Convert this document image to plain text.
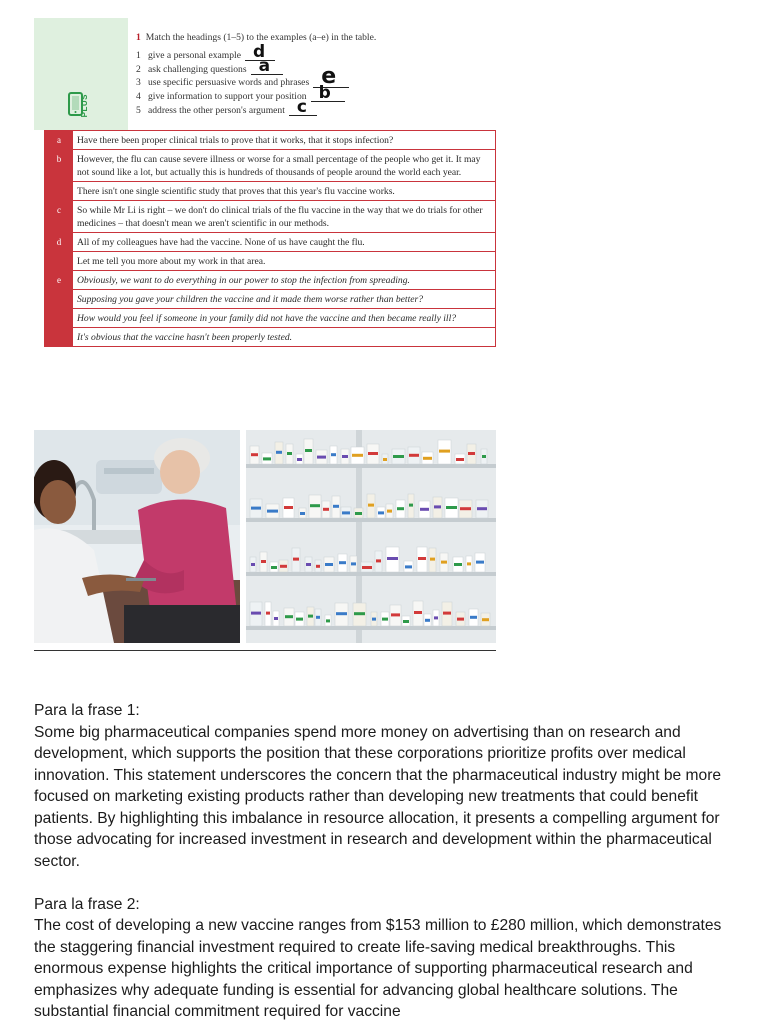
PLUS
1 Match the headings (1–5) to the examples (a–e) in the table.
1 give a personal example d
2 ask challenging questions a
3 use specific persuasive words and phrases e
4 give information to support your position b
5 address the other person's argument c
a	Have there been proper clinical trials to prove that it works, that it stops infection?
b	However, the flu can cause severe illness or worse for a small percentage of the people who get it. It may not sound like a lot, but actually this is hundreds of thousands of people around the world each year.
There isn't one single scientific study that proves that this year's flu vaccine works.
c	So while Mr Li is right – we don't do clinical trials of the flu vaccine in the way that we do trials for other medicines – that doesn't mean we aren't scientific in our methods.
d	All of my colleagues have had the vaccine. None of us have caught the flu.
Let me tell you more about my work in that area.
e	Obviously, we want to do everything in our power to stop the infection from spreading.
Supposing you gave your children the vaccine and it made them worse rather than better?
How would you feel if someone in your family did not have the vaccine and then became really ill?
It's obvious that the vaccine hasn't been properly tested.

Para la frase 1:

Some big pharmaceutical companies spend more money on advertising than on research and development, which supports the position that these corporations prioritize profits over medical innovation. This statement underscores the concern that the pharmaceutical industry might be more focused on marketing existing products rather than developing new treatments that could benefit patients. By highlighting this imbalance in resource allocation, it presents a compelling argument for those advocating for increased investment in research and development within the pharmaceutical sector.

Para la frase 2:

The cost of developing a new vaccine ranges from $153 million to £280 million, which demonstrates the staggering financial investment required to create life-saving medical breakthroughs. This enormous expense highlights the critical importance of supporting pharmaceutical research and emphasizes why adequate funding is essential for advancing global healthcare solutions. The substantial financial commitment required for vaccine
